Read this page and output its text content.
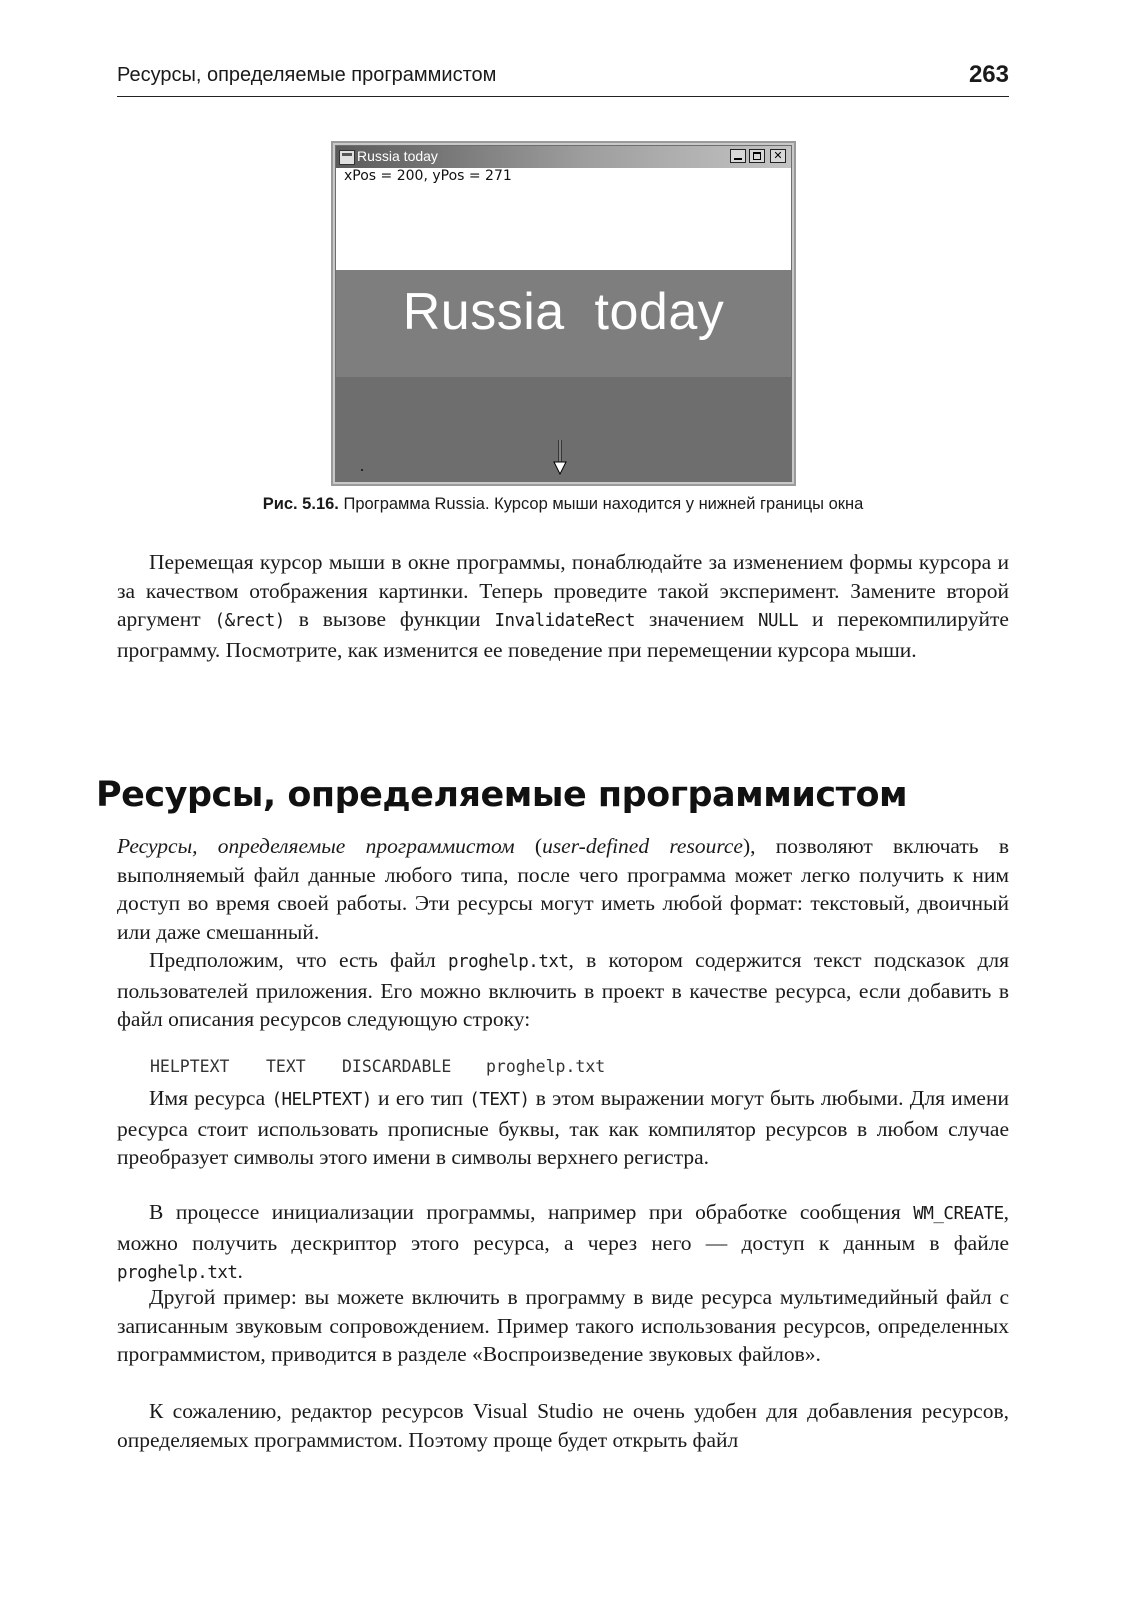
Ресурсы, определяемые программистом	263
Russia today	✕
xPos = 200, yPos = 271
Russia  today
Рис. 5.16. Программа Russia. Курсор мыши находится у нижней границы окна

Перемещая курсор мыши в окне программы, понаблюдайте за изменением формы курсора и за качеством отображения картинки. Теперь проведите такой эксперимент. Замените второй аргумент (&rect) в вызове функции InvalidateRect значением NULL и перекомпилируйте программу. Посмотрите, как изменится ее поведение при перемещении курсора мыши.

Ресурсы, определяемые программистом

Ресурсы, определяемые программистом (user-defined resource), позволяют включать в выполняемый файл данные любого типа, после чего программа может легко получить к ним доступ во время своей работы. Эти ресурсы могут иметь любой формат: текстовый, двоичный или даже смешанный.

Предположим, что есть файл proghelp.txt, в котором содержится текст подсказок для пользователей приложения. Его можно включить в проект в качестве ресурса, если добавить в файл описания ресурсов следующую строку:

HELPTEXT	TEXT	DISCARDABLE	proghelp.txt

Имя ресурса (HELPTEXT) и его тип (TEXT) в этом выражении могут быть любыми. Для имени ресурса стоит использовать прописные буквы, так как компилятор ресурсов в любом случае преобразует символы этого имени в символы верхнего регистра.

В процессе инициализации программы, например при обработке сообщения WM_CREATE, можно получить дескриптор этого ресурса, а через него — доступ к данным в файле proghelp.txt.

Другой пример: вы можете включить в программу в виде ресурса мультимедийный файл с записанным звуковым сопровождением. Пример такого использования ресурсов, определенных программистом, приводится в разделе «Воспроизведение звуковых файлов».

К сожалению, редактор ресурсов Visual Studio не очень удобен для добавления ресурсов, определяемых программистом. Поэтому проще будет открыть файл
